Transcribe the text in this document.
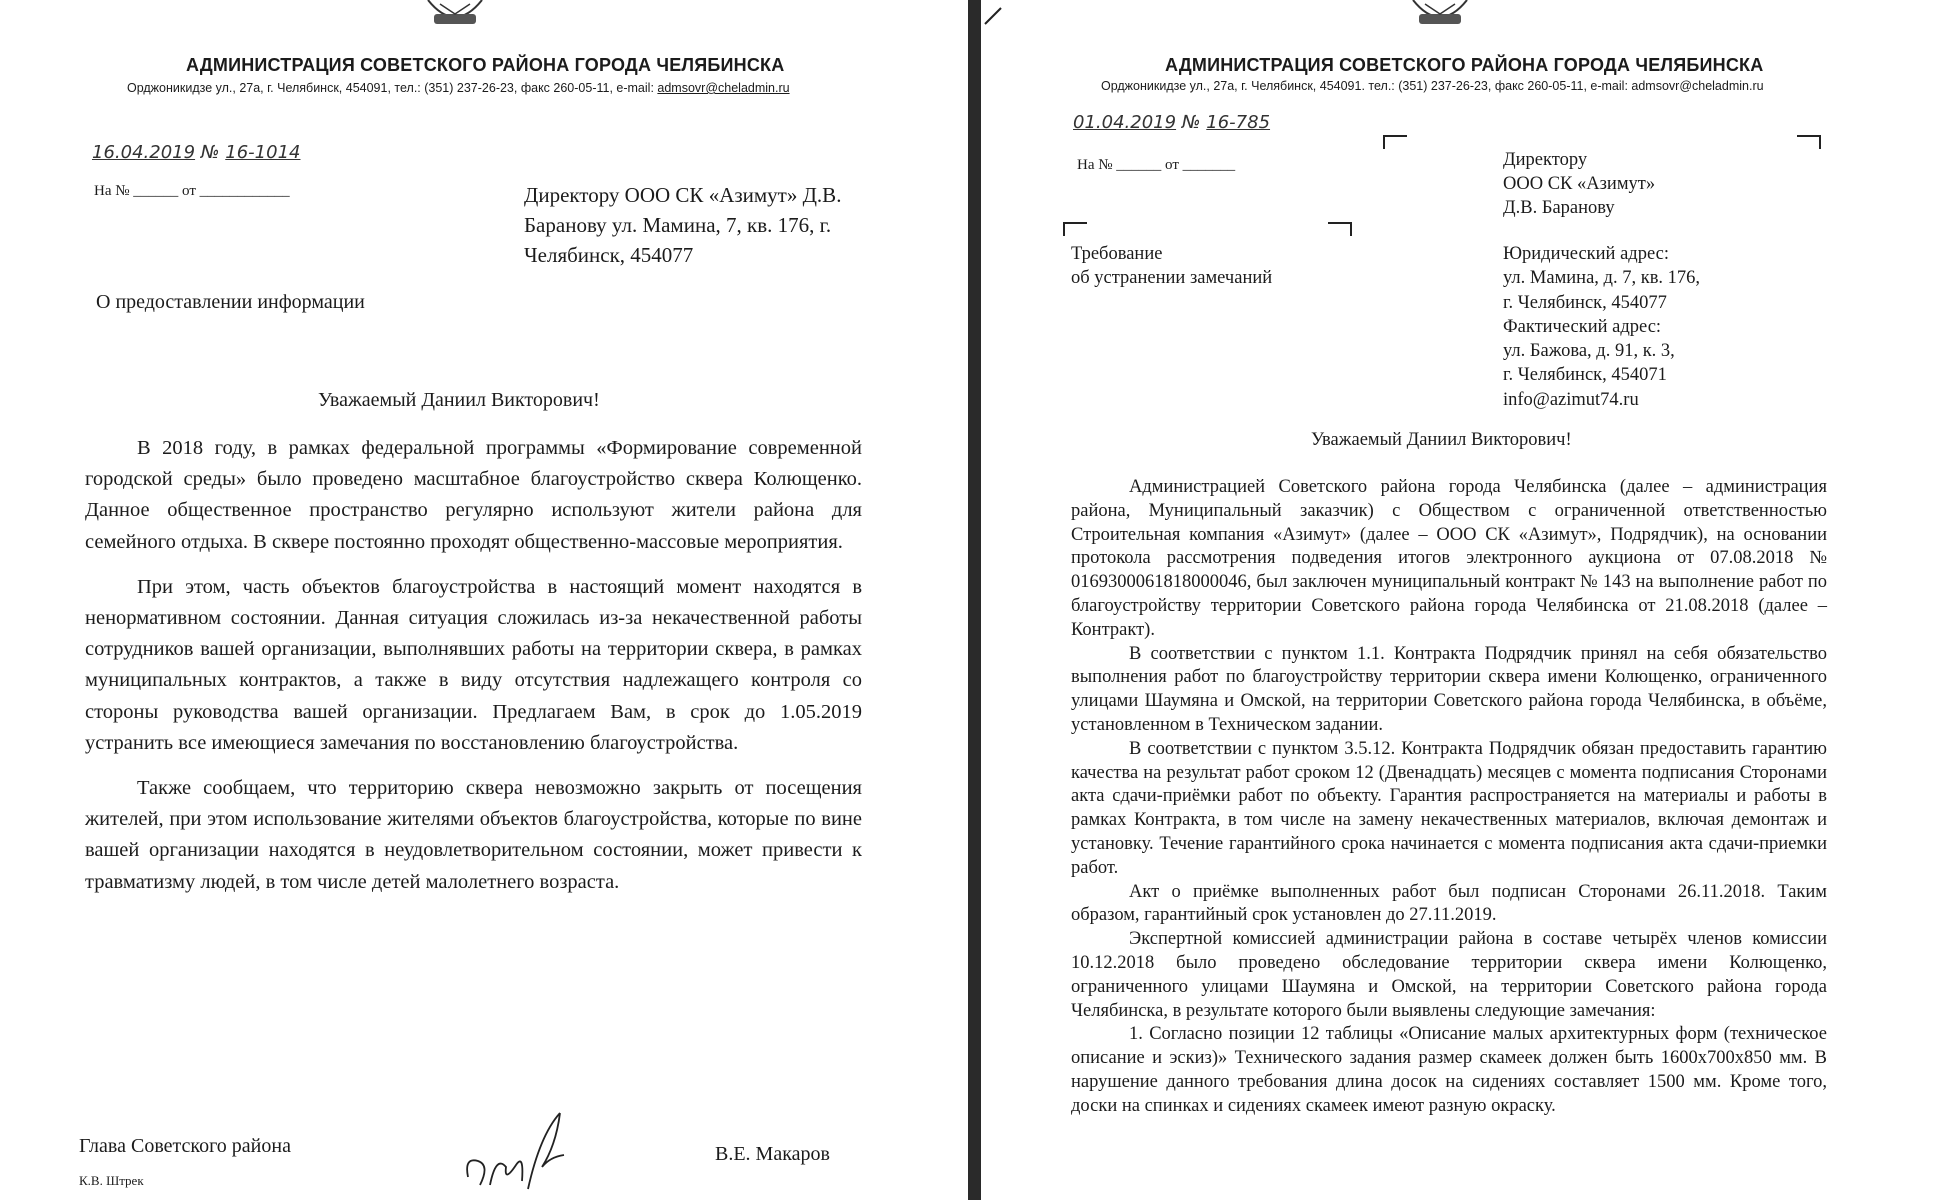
АДМИНИСТРАЦИЯ СОВЕТСКОГО РАЙОНА ГОРОДА ЧЕЛЯБИНСКА
Орджоникидзе ул., 27а, г. Челябинск, 454091, тел.: (351) 237-26-23, факс 260-05-11, e-mail: admsovr@cheladmin.ru
16.04.2019 № 16-1014
На № ______ от ____________	Директору ООО СК «Азимут» Д.В. Баранову ул. Мамина, 7, кв. 176, г. Челябинск, 454077
О предоставлении информации
Уважаемый Даниил Викторович!

В 2018 году, в рамках федеральной программы «Формирование современной городской среды» было проведено масштабное благоустройство сквера Колющенко. Данное общественное пространство регулярно используют жители района для семейного отдыха. В сквере постоянно проходят общественно-массовые мероприятия.

При этом, часть объектов благоустройства в настоящий момент находятся в ненормативном состоянии. Данная ситуация сложилась из-за некачественной работы сотрудников вашей организации, выполнявших работы на территории сквера, в рамках муниципальных контрактов, а также в виду отсутствия надлежащего контроля со стороны руководства вашей организации. Предлагаем Вам, в срок до 1.05.2019 устранить все имеющиеся замечания по восстановлению благоустройства.

Также сообщаем, что территорию сквера невозможно закрыть от посещения жителей, при этом использование жителями объектов благоустройства, которые по вине вашей организации находятся в неудовлетворительном состоянии, может привести к травматизму людей, в том числе детей малолетнего возраста.

Глава Советского района	В.Е. Макаров
К.В. Штрек
АДМИНИСТРАЦИЯ СОВЕТСКОГО РАЙОНА ГОРОДА ЧЕЛЯБИНСКА
Орджоникидзе ул., 27а, г. Челябинск, 454091. тел.: (351) 237-26-23, факс 260-05-11, e-mail: admsovr@cheladmin.ru
01.04.2019 № 16-785
На № ______ от _______	Директору
ООО СК «Азимут»
Д.В. Баранову
Требование
об устранении замечаний
Юридический адрес:
ул. Мамина, д. 7, кв. 176,
г. Челябинск, 454077
Фактический адрес:
ул. Бажова, д. 91, к. 3,
г. Челябинск, 454071
info@azimut74.ru
Уважаемый Даниил Викторович!

Администрацией Советского района города Челябинска (далее – администрация района, Муниципальный заказчик) с Обществом с ограниченной ответственностью Строительная компания «Азимут» (далее – ООО СК «Азимут», Подрядчик), на основании протокола рассмотрения подведения итогов электронного аукциона от 07.08.2018 № 0169300061818000046, был заключен муниципальный контракт № 143 на выполнение работ по благоустройству территории Советского района города Челябинска от 21.08.2018 (далее – Контракт).

В соответствии с пунктом 1.1. Контракта Подрядчик принял на себя обязательство выполнения работ по благоустройству территории сквера имени Колющенко, ограниченного улицами Шаумяна и Омской, на территории Советского района города Челябинска, в объёме, установленном в Техническом задании.

В соответствии с пунктом 3.5.12. Контракта Подрядчик обязан предоставить гарантию качества на результат работ сроком 12 (Двенадцать) месяцев с момента подписания Сторонами акта сдачи-приёмки работ по объекту. Гарантия распространяется на материалы и работы в рамках Контракта, в том числе на замену некачественных материалов, включая демонтаж и установку. Течение гарантийного срока начинается с момента подписания акта сдачи-приемки работ.

Акт о приёмке выполненных работ был подписан Сторонами 26.11.2018. Таким образом, гарантийный срок установлен до 27.11.2019.

Экспертной комиссией администрации района в составе четырёх членов комиссии 10.12.2018 было проведено обследование территории сквера имени Колющенко, ограниченного улицами Шаумяна и Омской, на территории Советского района города Челябинска, в результате которого были выявлены следующие замечания:

1. Согласно позиции 12 таблицы «Описание малых архитектурных форм (техническое описание и эскиз)» Технического задания размер скамеек должен быть 1600х700х850 мм. В нарушение данного требования длина досок на сидениях составляет 1500 мм. Кроме того, доски на спинках и сидениях скамеек имеют разную окраску.
